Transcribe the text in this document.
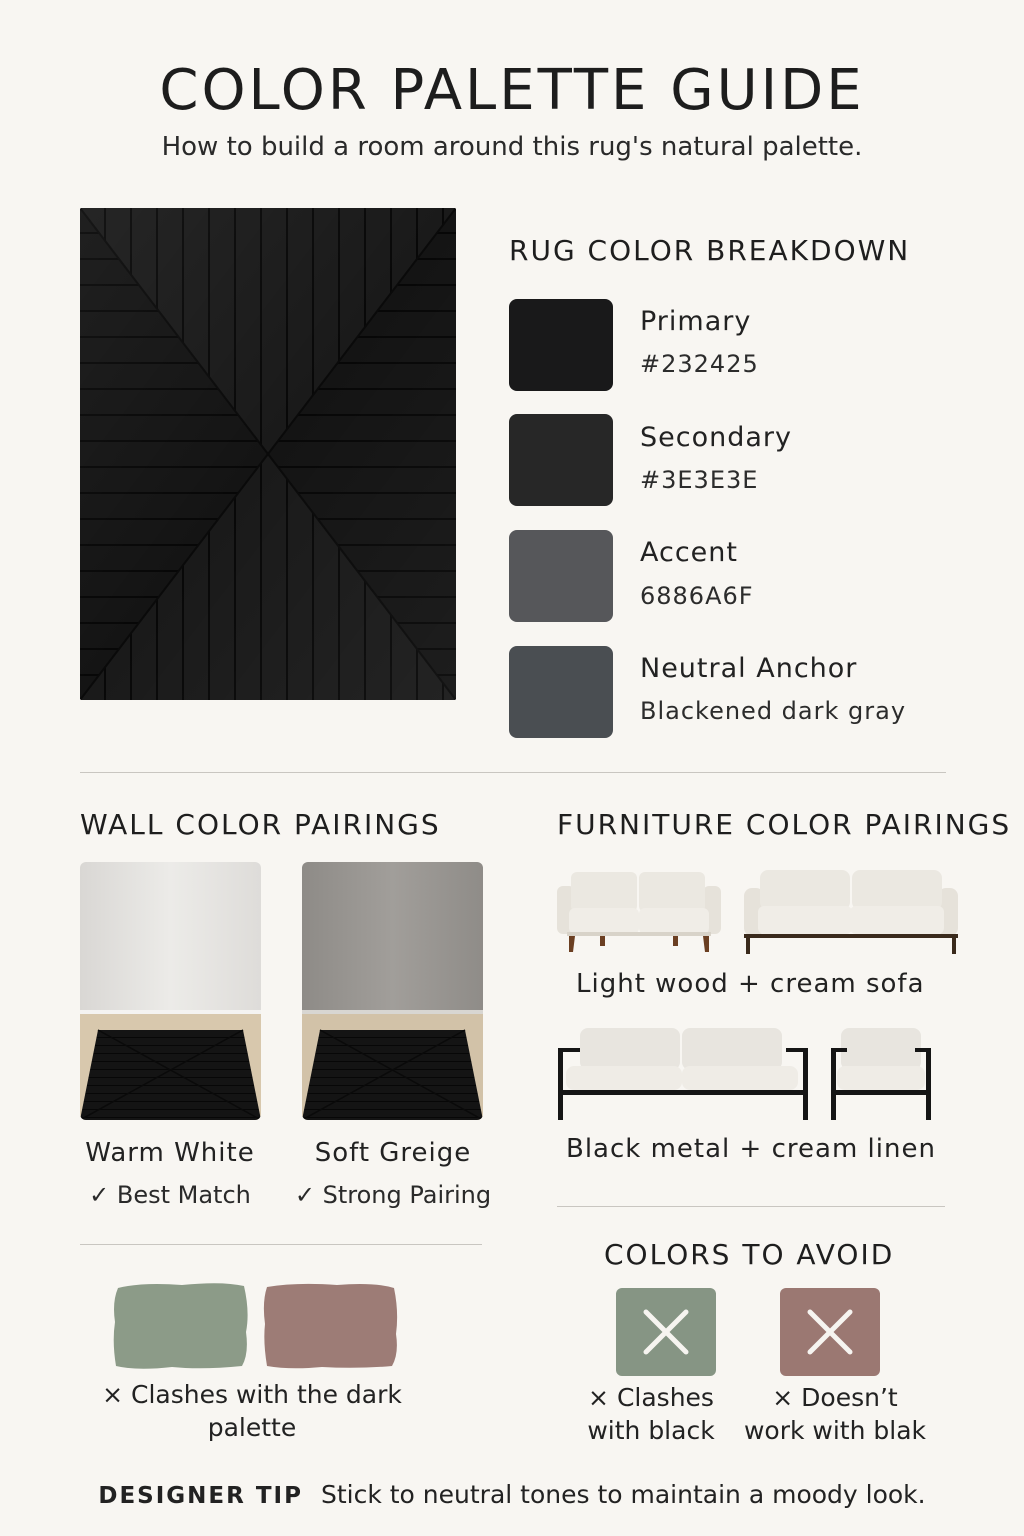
COLOR PALETTE GUIDE
How to build a room around this rug's natural palette.
RUG COLOR BREAKDOWN
Primary
#232425
Secondary
#3E3E3E
Accent
6886A6F
Neutral Anchor
Blackened dark gray
WALL COLOR PAIRINGS
Warm White
✓ Best Match
Soft Greige
✓ Strong Pairing
FURNITURE COLOR PAIRINGS
Light wood + cream sofa
Black metal + cream linen
× Clashes with the dark palette
COLORS TO AVOID
× Clashes with black
× Doesn’t work with blak
DESIGNER TIP Stick to neutral tones to maintain a moody look.
